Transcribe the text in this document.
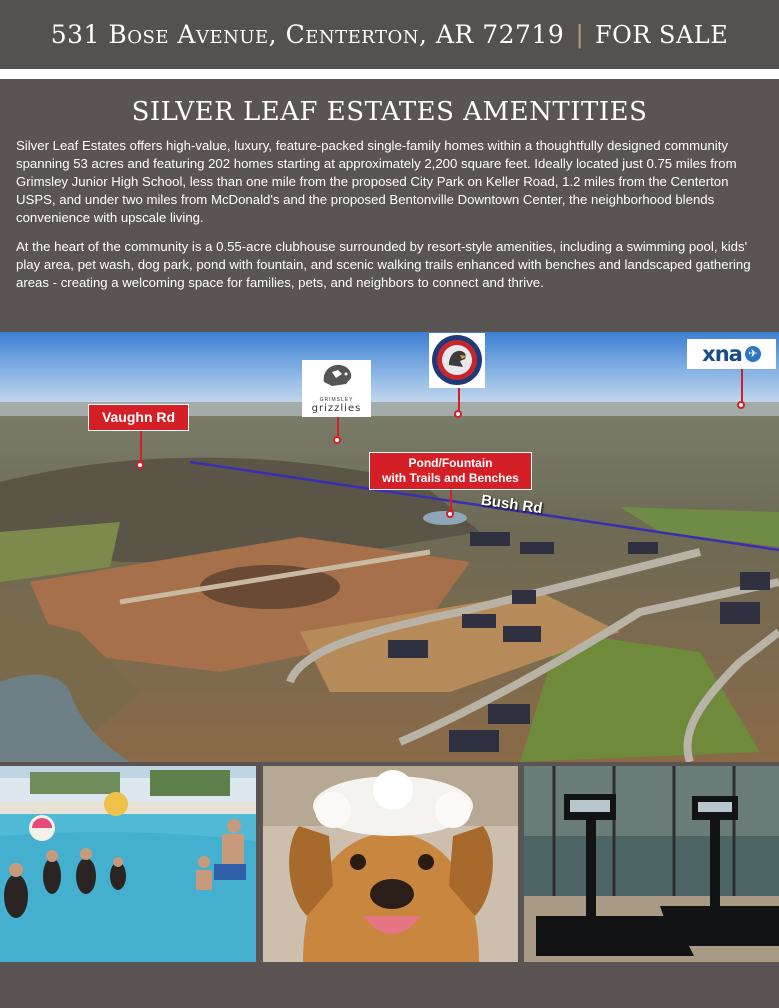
531 Bose Avenue, Centerton, AR 72719 | FOR SALE
SILVER LEAF ESTATES AMENTITIES

Silver Leaf Estates offers high-value, luxury, feature-packed single-family homes within a thoughtfully designed community spanning 53 acres and featuring 202 homes starting at approximately 2,200 square feet. Ideally located just 0.75 miles from Grimsley Junior High School, less than one mile from the proposed City Park on Keller Road, 1.2 miles from the Centerton USPS, and under two miles from McDonald's and the proposed Bentonville Downtown Center, the neighborhood blends convenience with upscale living.

At the heart of the community is a 0.55-acre clubhouse surrounded by resort-style amenities, including a swimming pool, kids' play area, pet wash, dog park, pond with fountain, and scenic walking trails enhanced with benches and landscaped gathering areas - creating a welcoming space for families, pets, and neighbors to connect and thrive.

Vaughn Rd
Pond/Fountain
with Trails and Benches
Bush Rd
GRIMSLEY
grizzlies
xna ✈
